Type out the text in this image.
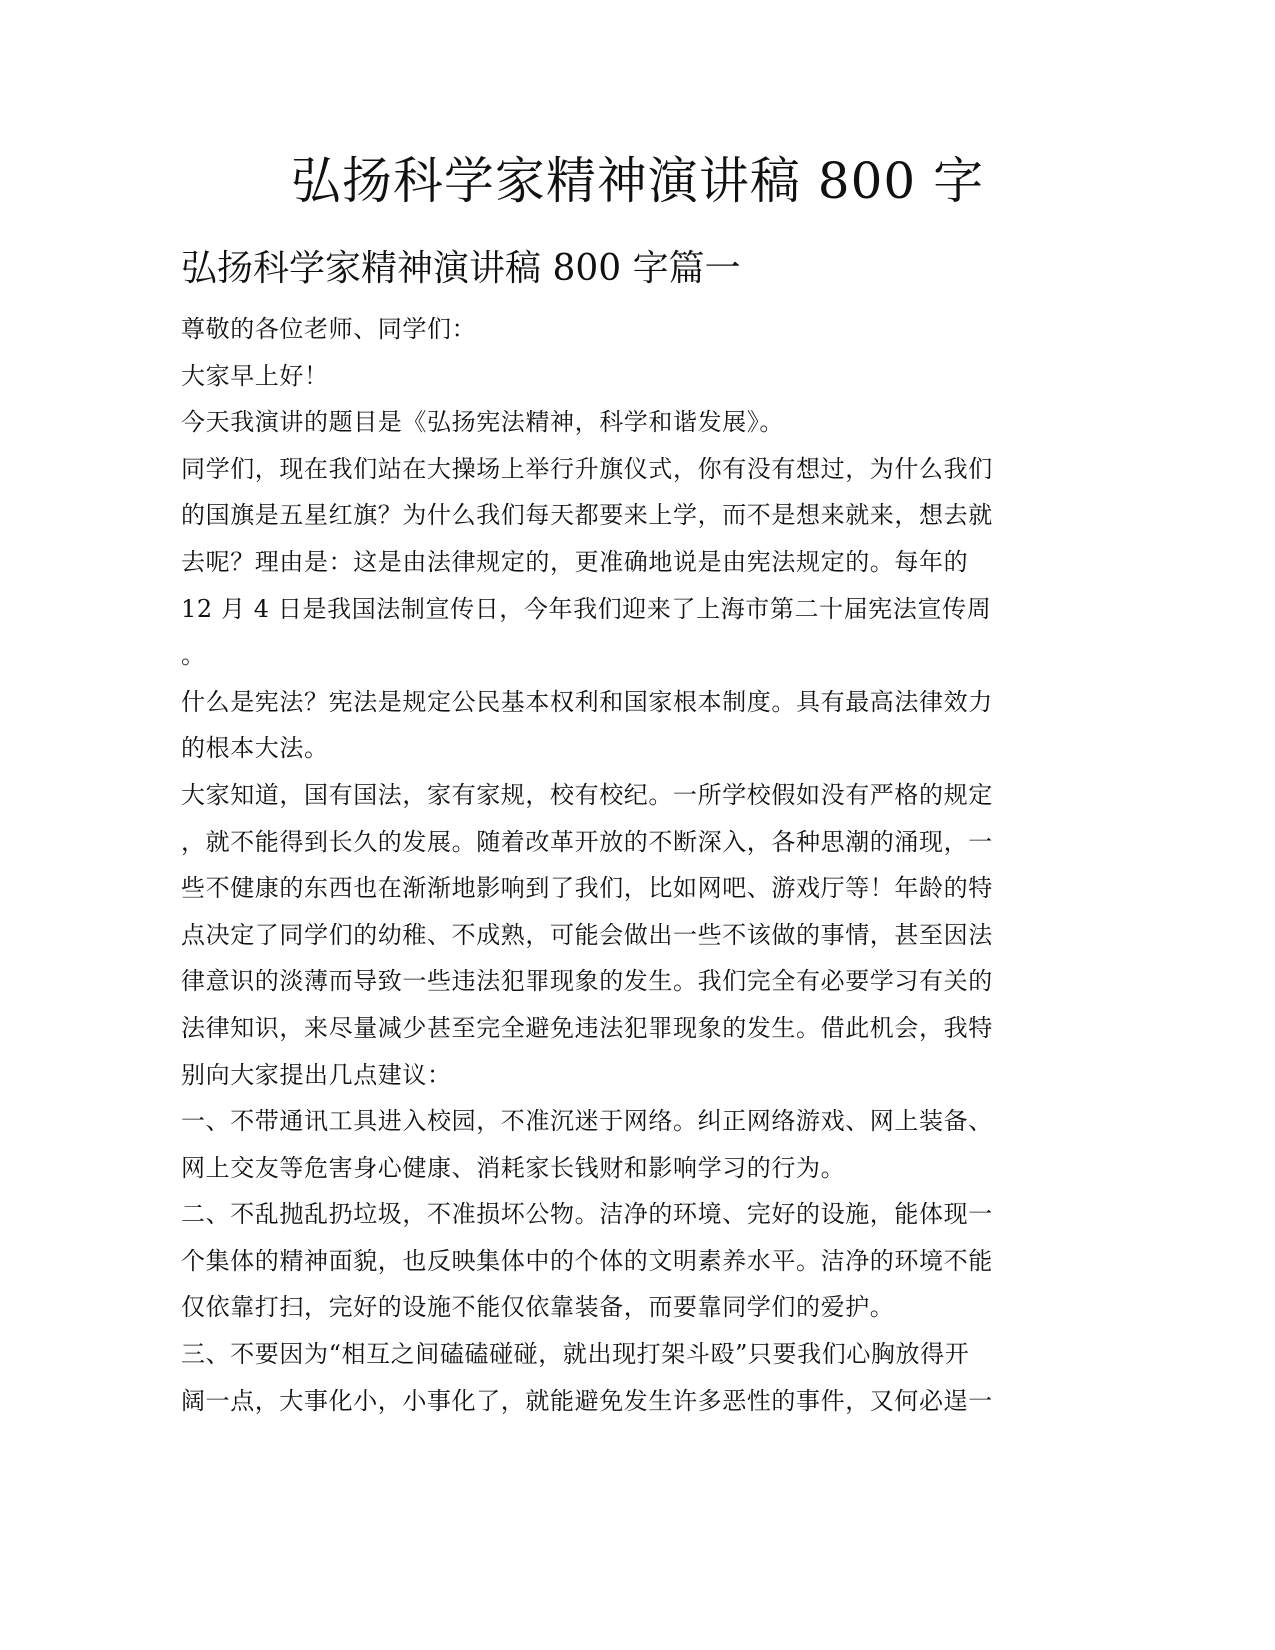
弘扬科学家精神演讲稿 800 字
弘扬科学家精神演讲稿 800 字篇一
尊敬的各位老师、同学们：
大家早上好！
今天我演讲的题目是《弘扬宪法精神，科学和谐发展》。
同学们，现在我们站在大操场上举行升旗仪式，你有没有想过，为什么我们
的国旗是五星红旗？为什么我们每天都要来上学，而不是想来就来，想去就
去呢？理由是：这是由法律规定的，更准确地说是由宪法规定的。每年的
12 月 4 日是我国法制宣传日，今年我们迎来了上海市第二十届宪法宣传周
。
什么是宪法？宪法是规定公民基本权利和国家根本制度。具有最高法律效力
的根本大法。
大家知道，国有国法，家有家规，校有校纪。一所学校假如没有严格的规定
，就不能得到长久的发展。随着改革开放的不断深入，各种思潮的涌现，一
些不健康的东西也在渐渐地影响到了我们，比如网吧、游戏厅等！年龄的特
点决定了同学们的幼稚、不成熟，可能会做出一些不该做的事情，甚至因法
律意识的淡薄而导致一些违法犯罪现象的发生。我们完全有必要学习有关的
法律知识，来尽量减少甚至完全避免违法犯罪现象的发生。借此机会，我特
别向大家提出几点建议：
一、不带通讯工具进入校园，不准沉迷于网络。纠正网络游戏、网上装备、
网上交友等危害身心健康、消耗家长钱财和影响学习的行为。
二、不乱抛乱扔垃圾，不准损坏公物。洁净的环境、完好的设施，能体现一
个集体的精神面貌，也反映集体中的个体的文明素养水平。洁净的环境不能
仅依靠打扫，完好的设施不能仅依靠装备，而要靠同学们的爱护。
三、不要因为“相互之间磕磕碰碰，就出现打架斗殴”只要我们心胸放得开
阔一点，大事化小，小事化了，就能避免发生许多恶性的事件，又何必逞一
